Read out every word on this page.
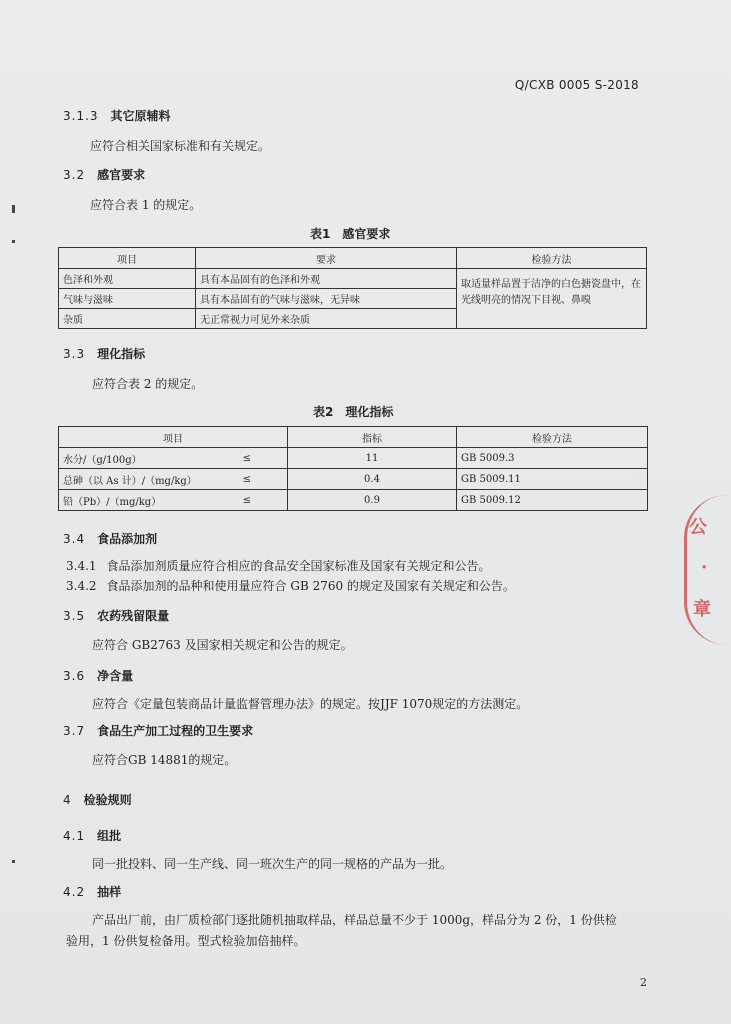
Q/CXB 0005 S-2018
3.1.3 其它原辅料
应符合相关国家标准和有关规定。
3.2 感官要求
应符合表 1 的规定。
表1　感官要求
项目	要求	检验方法
色泽和外观	具有本品固有的色泽和外观	取适量样品置于洁净的白色搪瓷盘中，在光线明亮的情况下目视、鼻嗅
气味与滋味	具有本品固有的气味与滋味，无异味	
杂质	无正常视力可见外来杂质	
3.3 理化指标
应符合表 2 的规定。
表2　理化指标
项目		指标	检验方法
水分/（g/100g）	≤	11	GB 5009.3
总砷（以 As 计）/（mg/kg）	≤	0.4	GB 5009.11
铅（Pb）/（mg/kg）	≤	0.9	GB 5009.12
3.4 食品添加剂
3.4.1 食品添加剂质量应符合相应的食品安全国家标准及国家有关规定和公告。
3.4.2 食品添加剂的品种和使用量应符合 GB 2760 的规定及国家有关规定和公告。
3.5 农药残留限量
应符合 GB2763 及国家相关规定和公告的规定。
3.6 净含量
应符合《定量包装商品计量监督管理办法》的规定。按JJF 1070规定的方法测定。
3.7 食品生产加工过程的卫生要求
应符合GB 14881的规定。
4 检验规则
4.1 组批
同一批投料、同一生产线、同一班次生产的同一规格的产品为一批。
4.2 抽样
产品出厂前，由厂质检部门逐批随机抽取样品，样品总量不少于 1000g，样品分为 2 份，1 份供检
验用，1 份供复检备用。型式检验加倍抽样。
2
公
·
章
